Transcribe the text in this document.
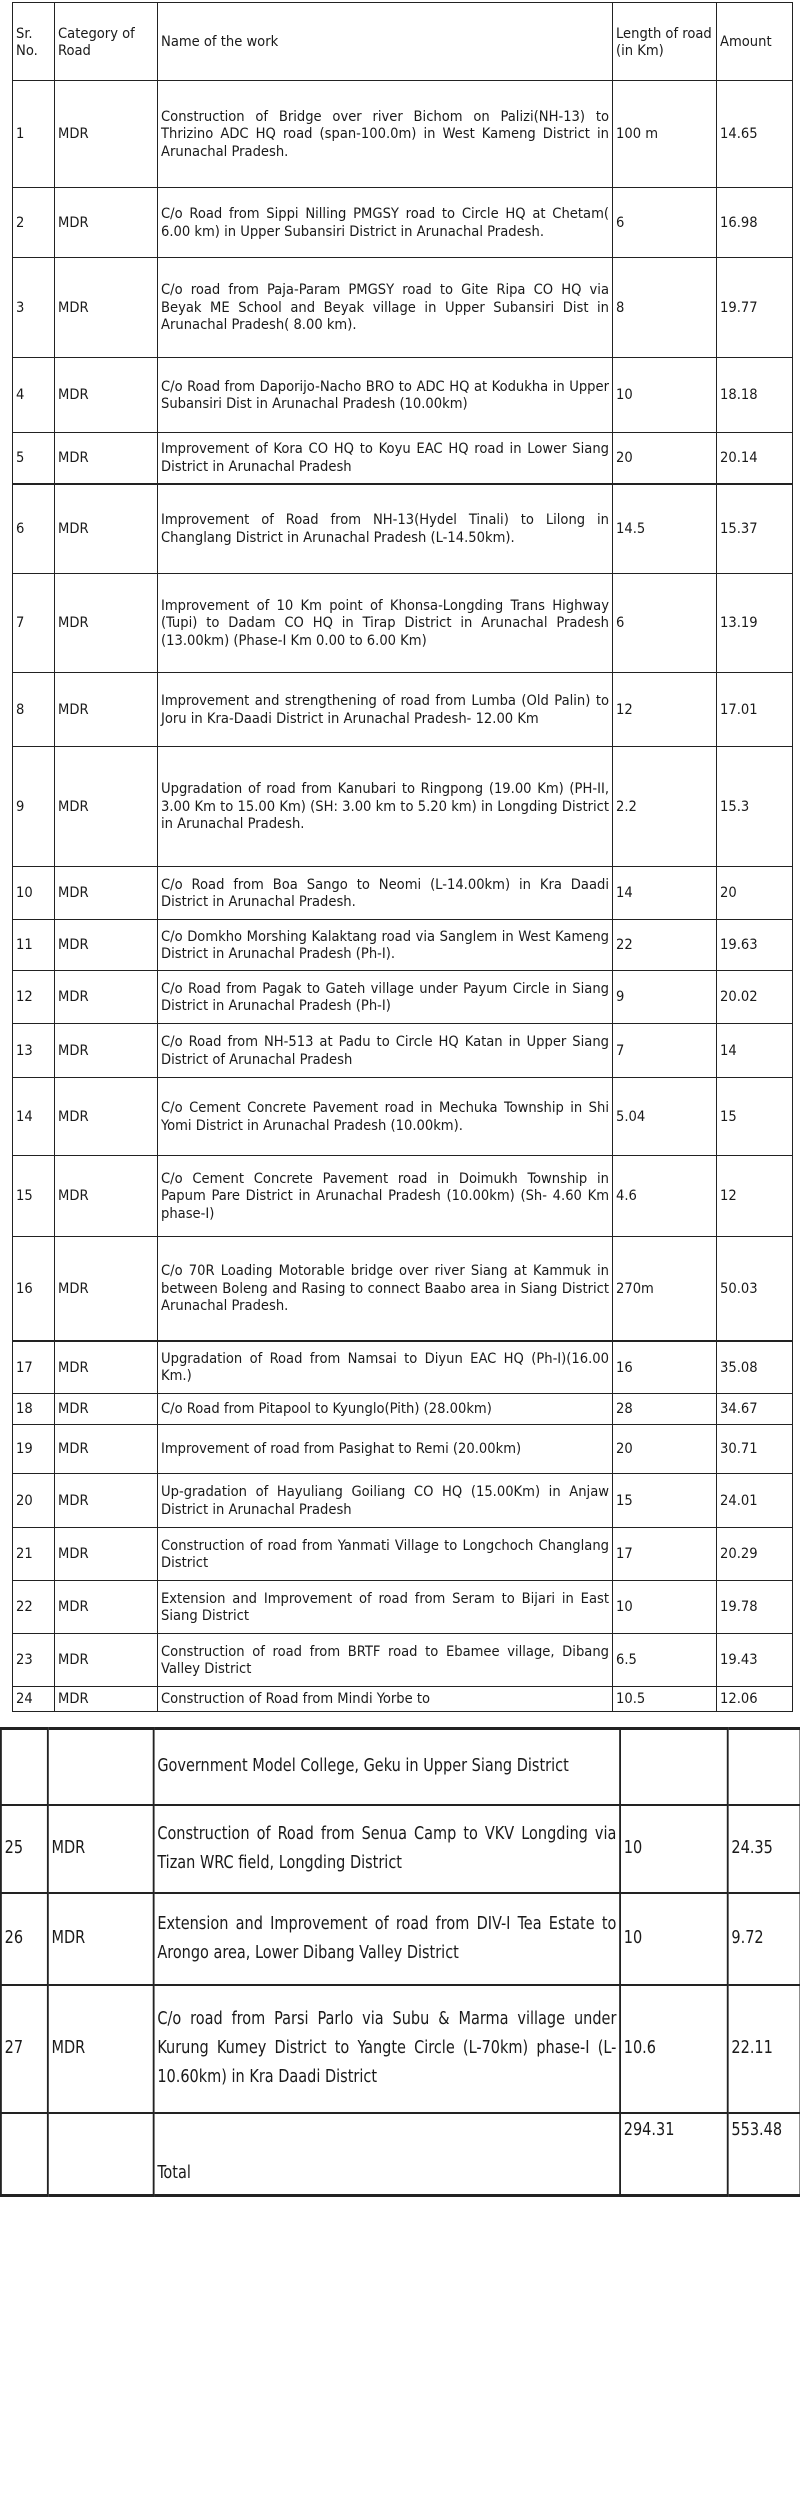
Sr. No.	Category of Road	Name of the work	Length of road (in Km)	Amount
1	MDR	Construction of Bridge over river Bichom on Palizi(NH-13) to Thrizino ADC HQ road (span-100.0m) in West Kameng District in Arunachal Pradesh.	100 m	14.65
2	MDR	C/o Road from Sippi Nilling PMGSY road to Circle HQ at Chetam( 6.00 km) in Upper Subansiri District in Arunachal Pradesh.	6	16.98
3	MDR	C/o road from Paja-Param PMGSY road to Gite Ripa CO HQ via Beyak ME School and Beyak village in Upper Subansiri Dist in Arunachal Pradesh( 8.00 km).	8	19.77
4	MDR	C/o Road from Daporijo-Nacho BRO to ADC HQ at Kodukha in Upper Subansiri Dist in Arunachal Pradesh (10.00km)	10	18.18
5	MDR	Improvement of Kora CO HQ to Koyu EAC HQ road in Lower Siang District in Arunachal Pradesh	20	20.14
6	MDR	Improvement of Road from NH-13(Hydel Tinali) to Lilong in Changlang District in Arunachal Pradesh (L-14.50km).	14.5	15.37
7	MDR	Improvement of 10 Km point of Khonsa-Longding Trans Highway (Tupi) to Dadam CO HQ in Tirap District in Arunachal Pradesh (13.00km) (Phase-I Km 0.00 to 6.00 Km)	6	13.19
8	MDR	Improvement and strengthening of road from Lumba (Old Palin) to Joru in Kra-Daadi District in Arunachal Pradesh- 12.00 Km	12	17.01
9	MDR	Upgradation of road from Kanubari to Ringpong (19.00 Km) (PH-II, 3.00 Km to 15.00 Km) (SH: 3.00 km to 5.20 km) in Longding District in Arunachal Pradesh.	2.2	15.3
10	MDR	C/o Road from Boa Sango to Neomi (L-14.00km) in Kra Daadi District in Arunachal Pradesh.	14	20
11	MDR	C/o Domkho Morshing Kalaktang road via Sanglem in West Kameng District in Arunachal Pradesh (Ph-I).	22	19.63
12	MDR	C/o Road from Pagak to Gateh village under Payum Circle in Siang District in Arunachal Pradesh (Ph-I)	9	20.02
13	MDR	C/o Road from NH-513 at Padu to Circle HQ Katan in Upper Siang District of Arunachal Pradesh	7	14
14	MDR	C/o Cement Concrete Pavement road in Mechuka Township in Shi Yomi District in Arunachal Pradesh (10.00km).	5.04	15
15	MDR	C/o Cement Concrete Pavement road in Doimukh Township in Papum Pare District in Arunachal Pradesh (10.00km) (Sh- 4.60 Km phase-I)	4.6	12
16	MDR	C/o 70R Loading Motorable bridge over river Siang at Kammuk in between Boleng and Rasing to connect Baabo area in Siang District Arunachal Pradesh.	270m	50.03
17	MDR	Upgradation of Road from Namsai to Diyun EAC HQ (Ph-I)(16.00 Km.)	16	35.08
18	MDR	C/o Road from Pitapool to Kyunglo(Pith) (28.00km)	28	34.67
19	MDR	Improvement of road from Pasighat to Remi (20.00km)	20	30.71
20	MDR	Up-gradation of Hayuliang Goiliang CO HQ (15.00Km) in Anjaw District in Arunachal Pradesh	15	24.01
21	MDR	Construction of road from Yanmati Village to Longchoch Changlang District	17	20.29
22	MDR	Extension and Improvement of road from Seram to Bijari in East Siang District	10	19.78
23	MDR	Construction of road from BRTF road to Ebamee village, Dibang Valley District	6.5	19.43
24	MDR	Construction of Road from Mindi Yorbe to	10.5	12.06
		Government Model College, Geku in Upper Siang District		
25	MDR	Construction of Road from Senua Camp to VKV Longding via Tizan WRC field, Longding District	10	24.35
26	MDR	Extension and Improvement of road from DIV-I Tea Estate to Arongo area, Lower Dibang Valley District	10	9.72
27	MDR	C/o road from Parsi Parlo via Subu & Marma village under Kurung Kumey District to Yangte Circle (L-70km) phase-I (L-10.60km) in Kra Daadi District	10.6	22.11
		Total	294.31	553.48
